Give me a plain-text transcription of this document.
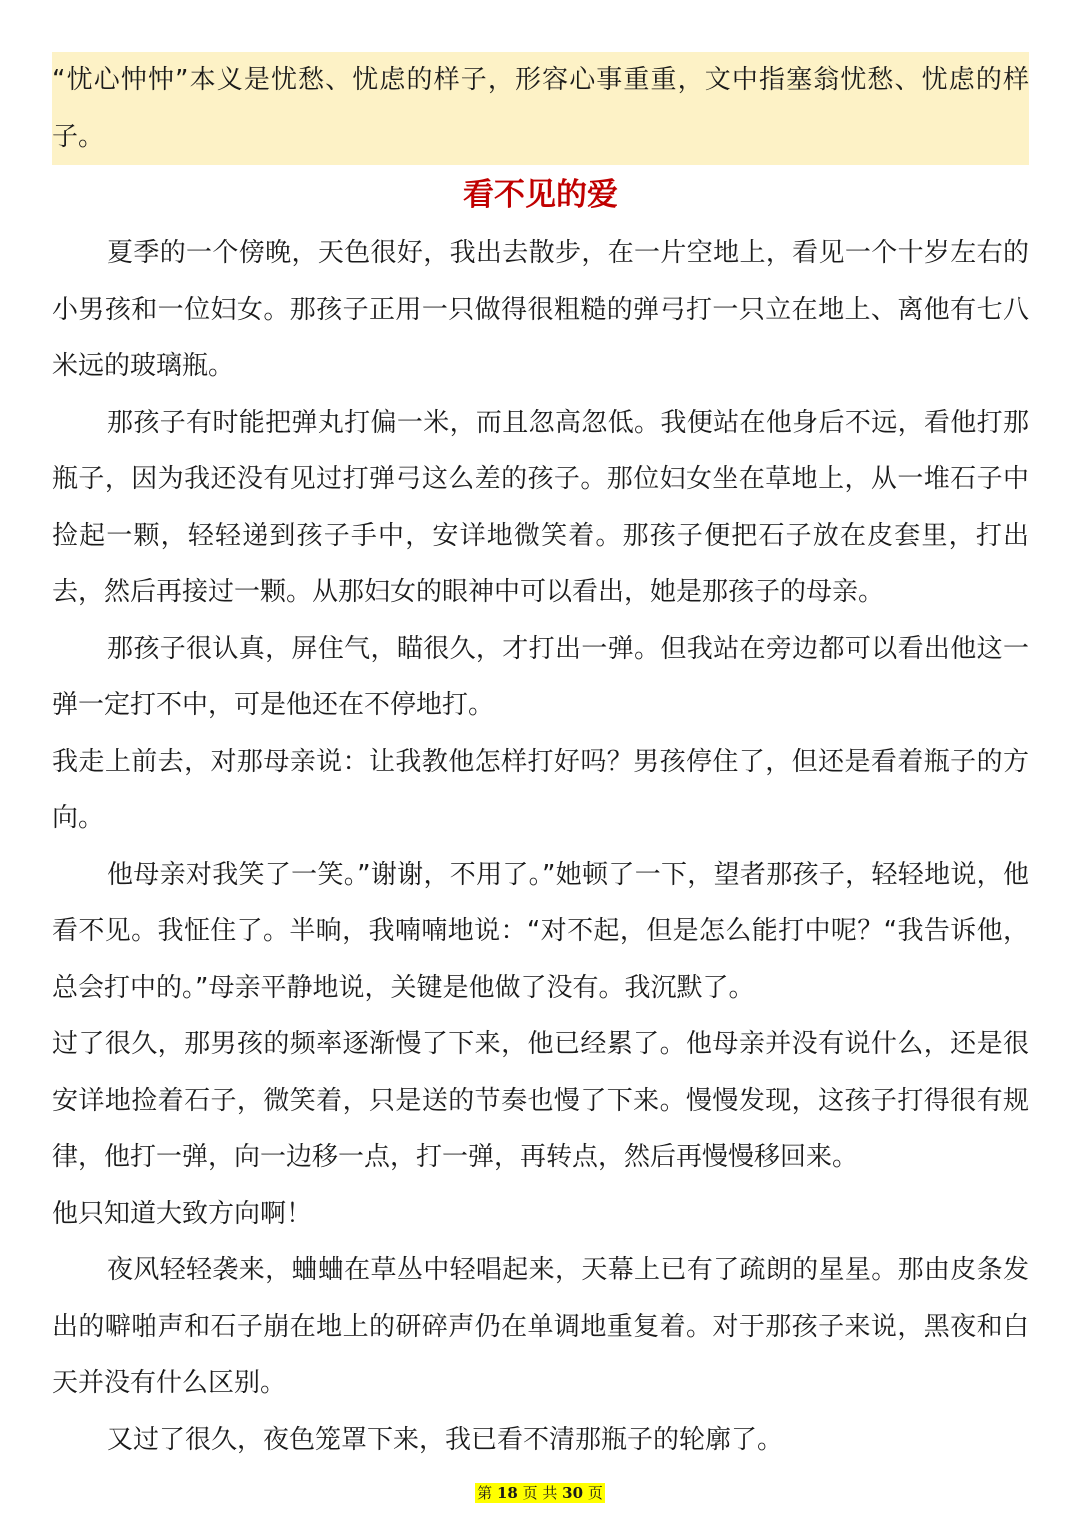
“忧心忡忡”本义是忧愁、忧虑的样子，形容心事重重，文中指塞翁忧愁、忧虑的样子。
看不见的爱

夏季的一个傍晚，天色很好，我出去散步，在一片空地上，看见一个十岁左右的小男孩和一位妇女。那孩子正用一只做得很粗糙的弹弓打一只立在地上、离他有七八米远的玻璃瓶。

那孩子有时能把弹丸打偏一米，而且忽高忽低。我便站在他身后不远，看他打那瓶子，因为我还没有见过打弹弓这么差的孩子。那位妇女坐在草地上，从一堆石子中捡起一颗，轻轻递到孩子手中，安详地微笑着。那孩子便把石子放在皮套里，打出去，然后再接过一颗。从那妇女的眼神中可以看出，她是那孩子的母亲。

那孩子很认真，屏住气，瞄很久，才打出一弹。但我站在旁边都可以看出他这一弹一定打不中，可是他还在不停地打。

我走上前去，对那母亲说：让我教他怎样打好吗？男孩停住了，但还是看着瓶子的方向。

他母亲对我笑了一笑。”谢谢，不用了。”她顿了一下，望者那孩子，轻轻地说，他看不见。我怔住了。半晌，我喃喃地说：“对不起，但是怎么能打中呢？“我告诉他，总会打中的。”母亲平静地说，关键是他做了没有。我沉默了。

过了很久，那男孩的频率逐渐慢了下来，他已经累了。他母亲并没有说什么，还是很安详地捡着石子，微笑着，只是送的节奏也慢了下来。慢慢发现，这孩子打得很有规律，他打一弹，向一边移一点，打一弹，再转点，然后再慢慢移回来。

他只知道大致方向啊！

夜风轻轻袭来，蛐蛐在草丛中轻唱起来，天幕上已有了疏朗的星星。那由皮条发出的噼啪声和石子崩在地上的研碎声仍在单调地重复着。对于那孩子来说，黑夜和白天并没有什么区别。

又过了很久，夜色笼罩下来，我已看不清那瓶子的轮廓了。

第 18 页 共 30 页
